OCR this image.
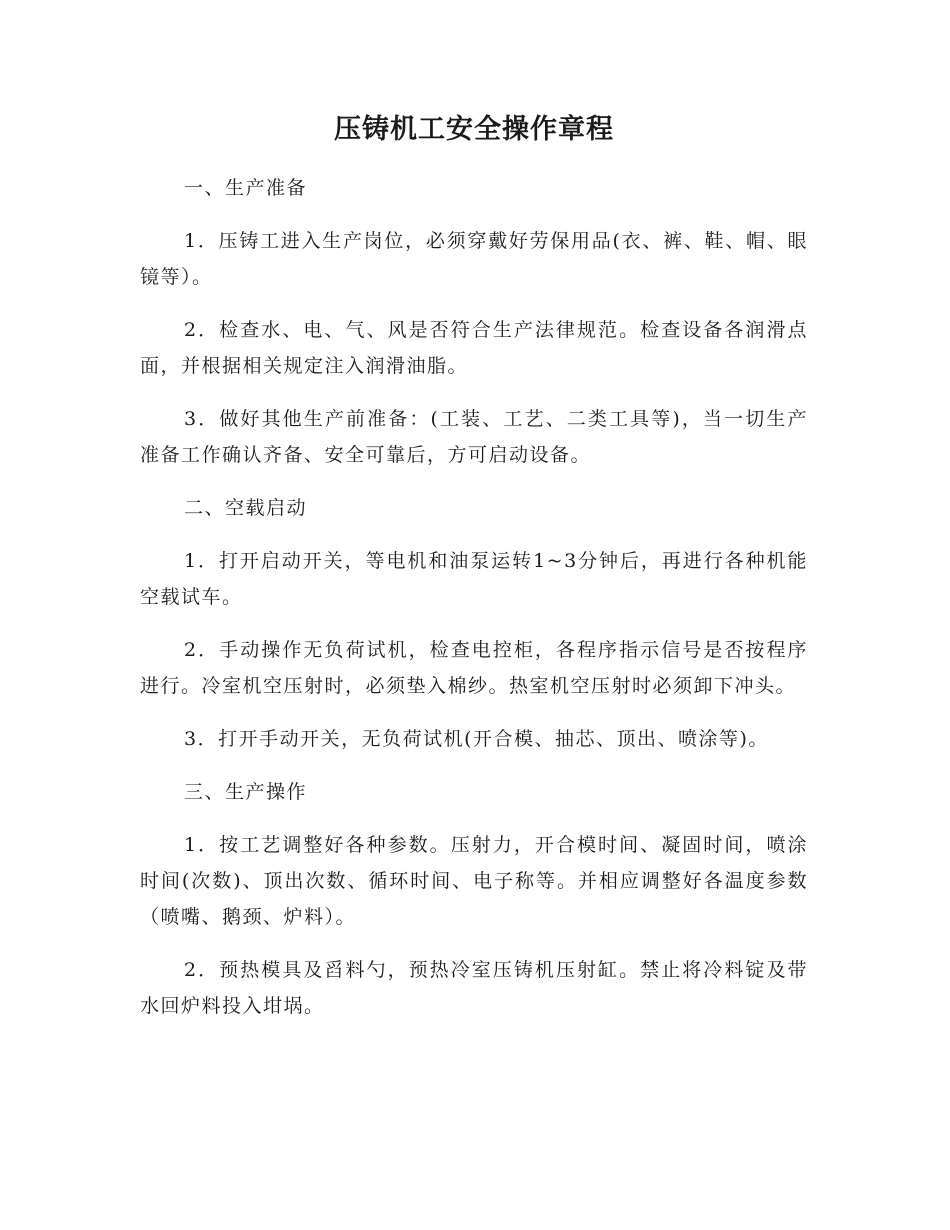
压铸机工安全操作章程

一、生产准备

1．压铸工进入生产岗位，必须穿戴好劳保用品(衣、裤、鞋、帽、眼镜等）。

2．检查水、电、气、风是否符合生产法律规范。检查设备各润滑点面，并根据相关规定注入润滑油脂。

3．做好其他生产前准备：(工装、工艺、二类工具等)，当一切生产准备工作确认齐备、安全可靠后，方可启动设备。

二、空载启动

1．打开启动开关，等电机和油泵运转1~3分钟后，再进行各种机能空载试车。

2．手动操作无负荷试机，检查电控柜，各程序指示信号是否按程序进行。冷室机空压射时，必须垫入棉纱。热室机空压射时必须卸下冲头。

3．打开手动开关，无负荷试机(开合模、抽芯、顶出、喷涂等)。

三、生产操作

1．按工艺调整好各种参数。压射力，开合模时间、凝固时间，喷涂时间(次数)、顶出次数、循环时间、电子称等。并相应调整好各温度参数（喷嘴、鹅颈、炉料）。

2．预热模具及舀料勺，预热冷室压铸机压射缸。禁止将冷料锭及带水回炉料投入坩埚。
